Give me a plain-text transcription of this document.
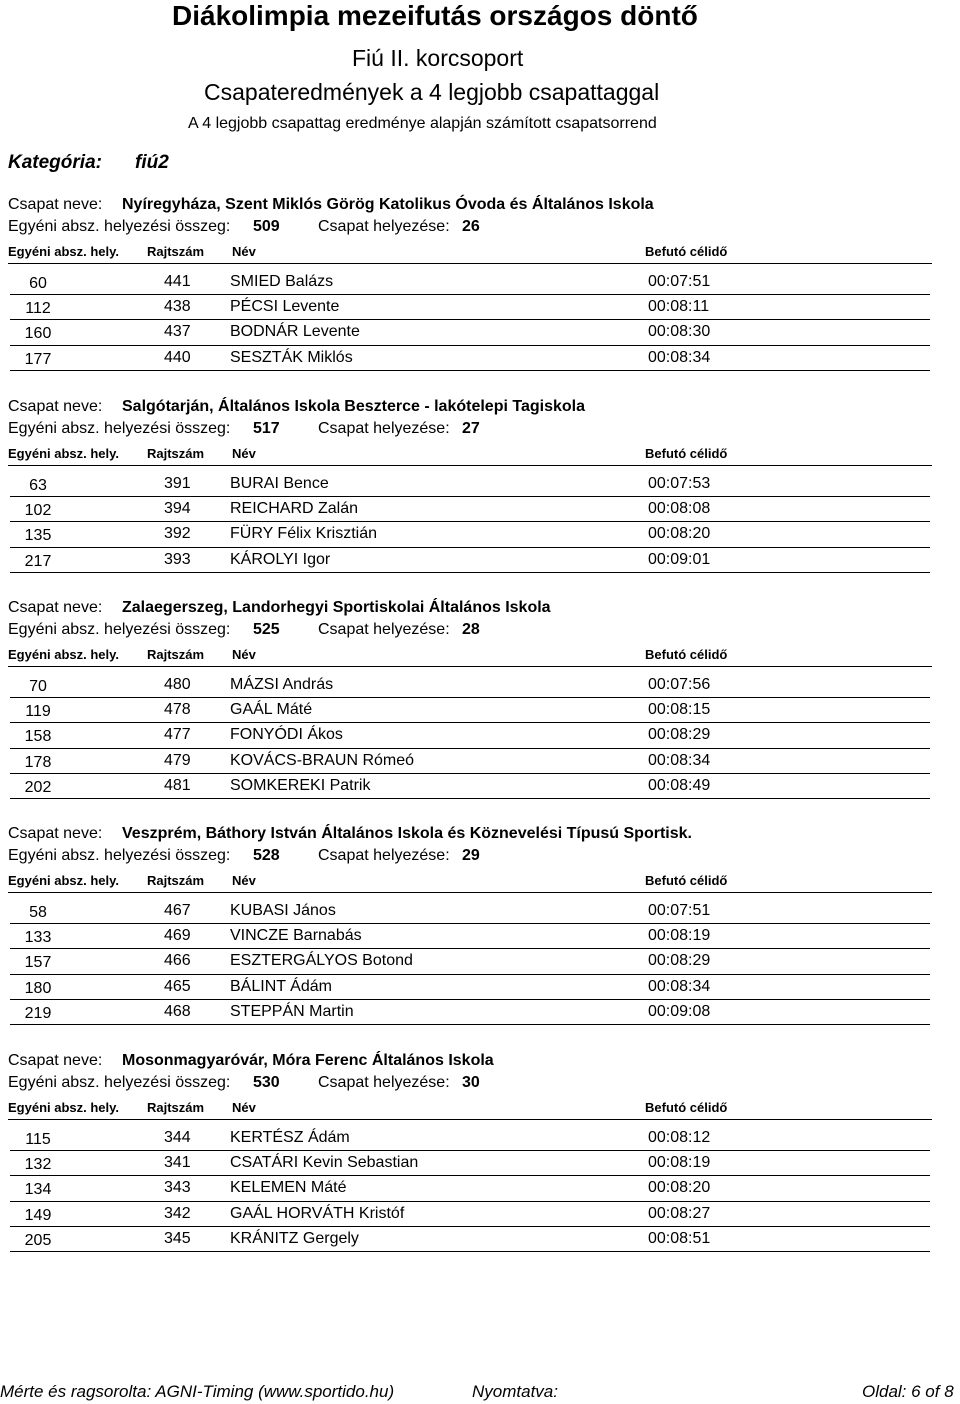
Diákolimpia mezeifutás országos döntő
Fiú II. korcsoport
Csapateredmények a 4 legjobb csapattaggal
A 4 legjobb csapattag eredménye alapján számított csapatsorrend
Kategória: fiú2
Csapat neve: Nyíregyháza, Szent Miklós Görög Katolikus Óvoda és Általános Iskola
Egyéni absz. helyezési összeg: 509 Csapat helyezése: 26
Egyéni absz. hely. Rajtszám Név	Befutó célidő
60	441 SMIED Balázs	00:07:51
112	438 PÉCSI Levente	00:08:11
160	437 BODNÁR Levente	00:08:30
177	440 SESZTÁK Miklós	00:08:34
Csapat neve: Salgótarján, Általános Iskola Beszterce - lakótelepi Tagiskola
Egyéni absz. helyezési összeg: 517 Csapat helyezése: 27
Egyéni absz. hely. Rajtszám Név	Befutó célidő
63	391 BURAI Bence	00:07:53
102	394 REICHARD Zalán	00:08:08
135	392 FÜRY Félix Krisztián	00:08:20
217	393 KÁROLYI Igor	00:09:01
Csapat neve: Zalaegerszeg, Landorhegyi Sportiskolai Általános Iskola
Egyéni absz. helyezési összeg: 525 Csapat helyezése: 28
Egyéni absz. hely. Rajtszám Név	Befutó célidő
70	480 MÁZSI András	00:07:56
119	478 GAÁL Máté	00:08:15
158	477 FONYÓDI Ákos	00:08:29
178	479 KOVÁCS-BRAUN Rómeó	00:08:34
202	481 SOMKEREKI Patrik	00:08:49
Csapat neve: Veszprém, Báthory István Általános Iskola és Köznevelési Típusú Sportisk.
Egyéni absz. helyezési összeg: 528 Csapat helyezése: 29
Egyéni absz. hely. Rajtszám Név	Befutó célidő
58	467 KUBASI János	00:07:51
133	469 VINCZE Barnabás	00:08:19
157	466 ESZTERGÁLYOS Botond	00:08:29
180	465 BÁLINT Ádám	00:08:34
219	468 STEPPÁN Martin	00:09:08
Csapat neve: Mosonmagyaróvár, Móra Ferenc Általános Iskola
Egyéni absz. helyezési összeg: 530 Csapat helyezése: 30
Egyéni absz. hely. Rajtszám Név	Befutó célidő
115	344 KERTÉSZ Ádám	00:08:12
132	341 CSATÁRI Kevin Sebastian	00:08:19
134	343 KELEMEN Máté	00:08:20
149	342 GAÁL HORVÁTH Kristóf	00:08:27
205	345 KRÁNITZ Gergely	00:08:51
Mérte és ragsorolta: AGNI-Timing (www.sportido.hu)	Nyomtatva:	Oldal: 6 of 8
